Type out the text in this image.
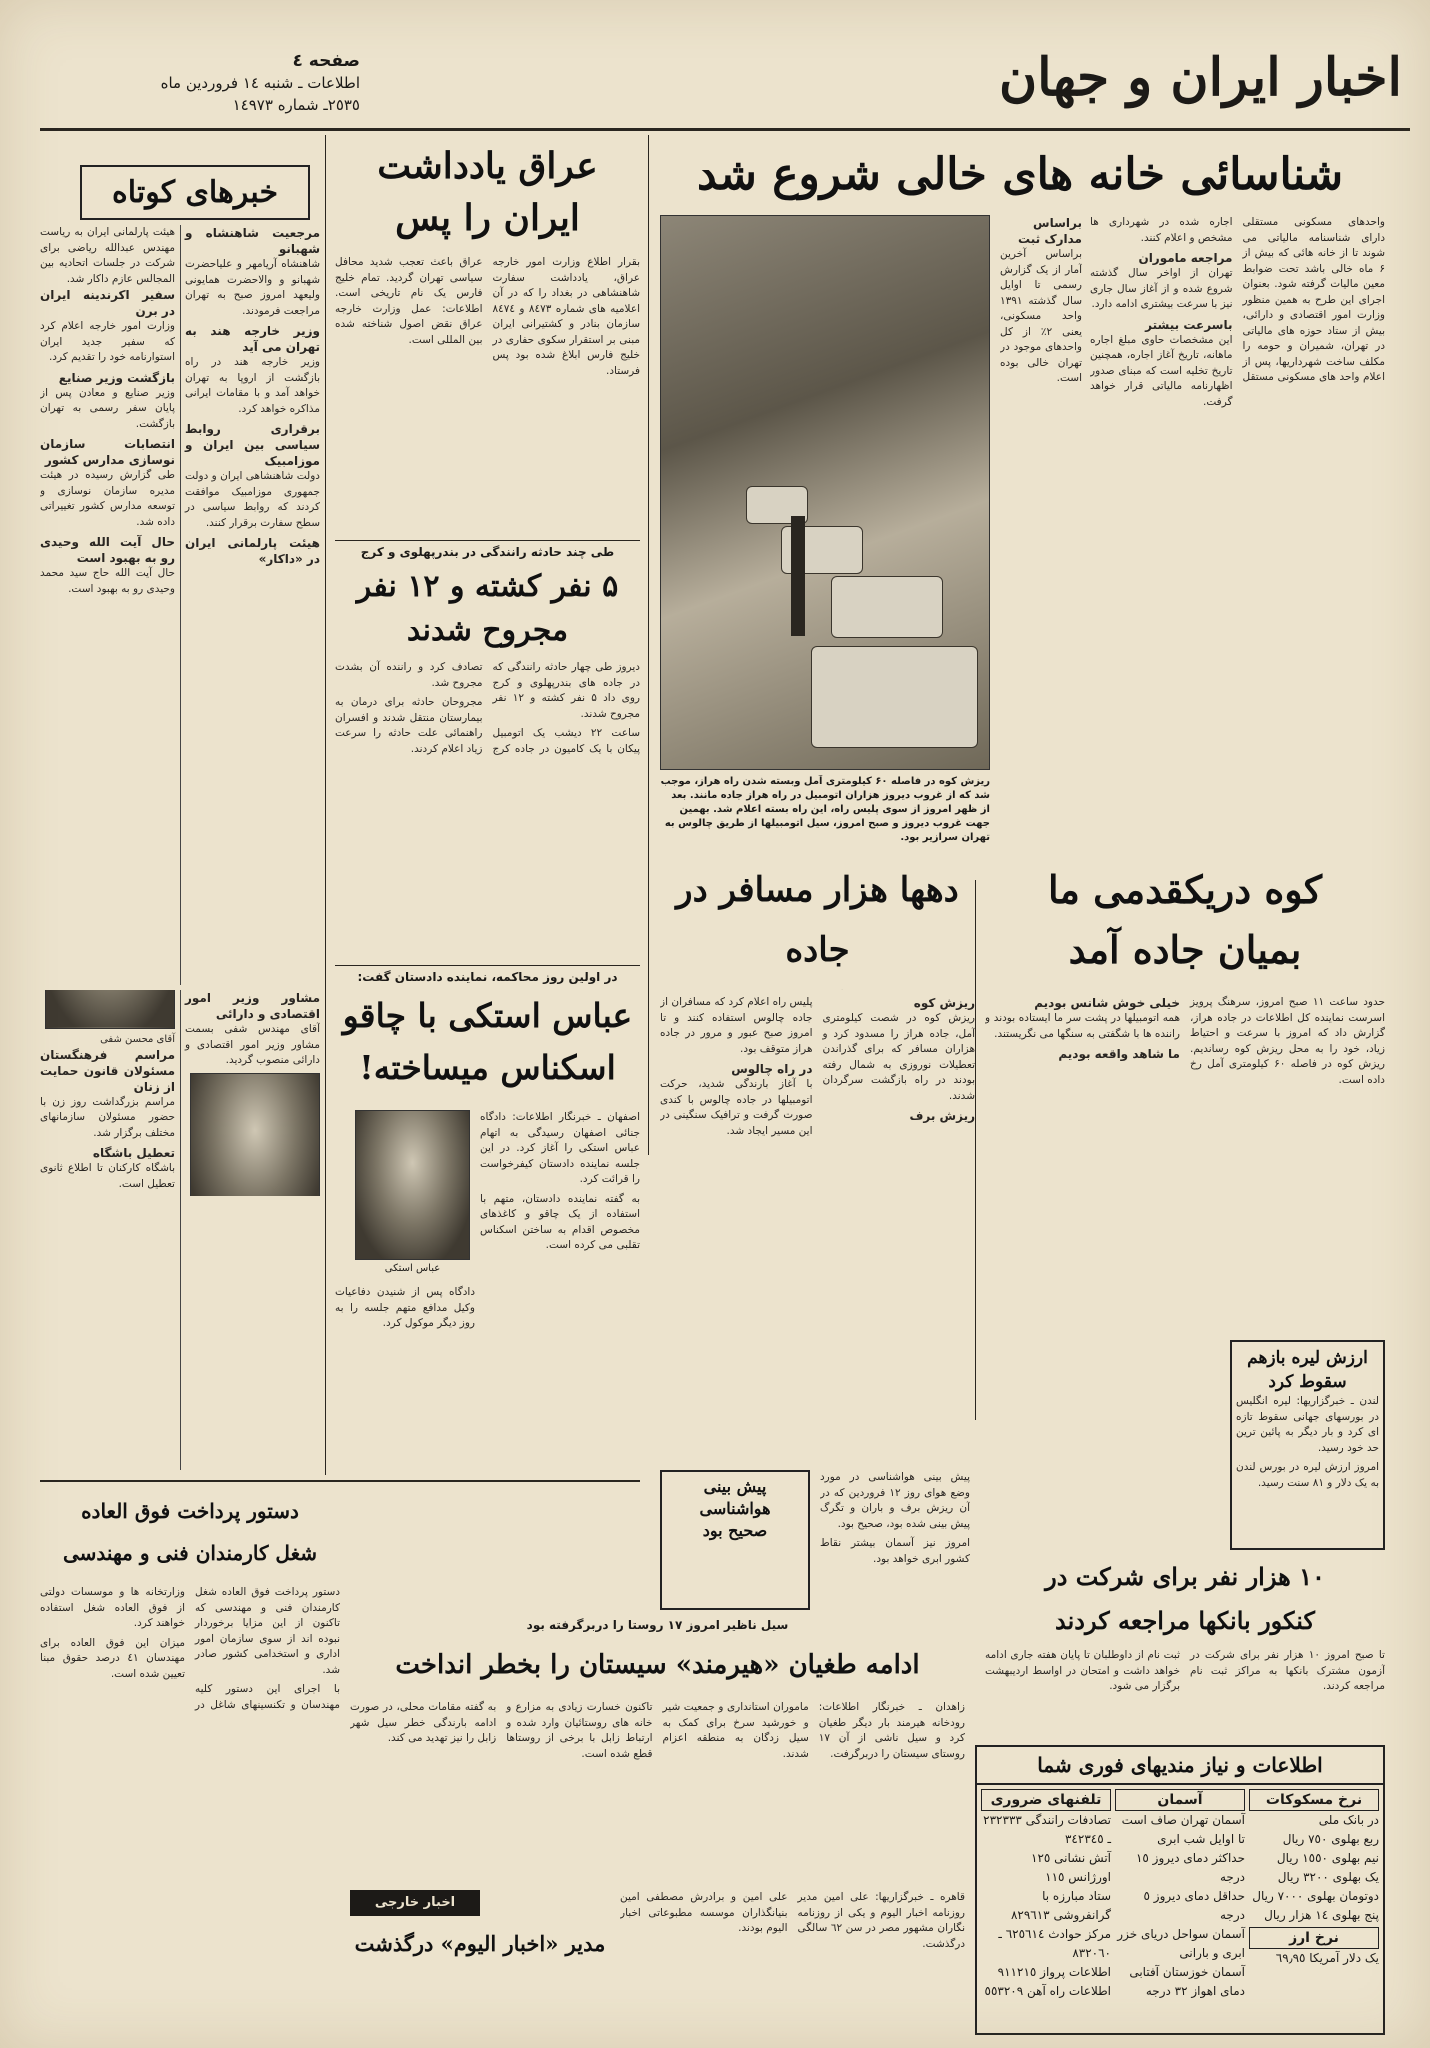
اخبار ایران و جهان
صفحه ٤
اطلاعات ـ شنبه ١٤ فروردین ماه
٢٥٣٥ـ شماره ١٤٩٧٣
خبرهای کوتاه
مرجعیت شاهنشاه و شهبانو

شاهنشاه آریامهر و علیاحضرت شهبانو و والاحضرت همایونی ولیعهد امروز صبح به تهران مراجعت فرمودند.

وزیر خارجه هند به تهران می آید

وزیر خارجه هند در راه بازگشت از اروپا به تهران خواهد آمد و با مقامات ایرانی مذاکره خواهد کرد.

برقراری روابط سیاسی بین ایران و موزامبیک

دولت شاهنشاهی ایران و دولت جمهوری موزامبیک موافقت کردند که روابط سیاسی در سطح سفارت برقرار کنند.

هیئت پارلمانی ایران در «داکار»

هیئت پارلمانی ایران به ریاست مهندس عبدالله ریاضی برای شرکت در جلسات اتحادیه بین المجالس عازم داکار شد.

سفیر اکرندینه ایران در برن

وزارت امور خارجه اعلام کرد که سفیر جدید ایران استوارنامه خود را تقدیم کرد.

بازگشت وزیر صنایع

وزیر صنایع و معادن پس از پایان سفر رسمی به تهران بازگشت.

انتصابات سازمان نوسازی مدارس کشور

طی گزارش رسیده در هیئت مدیره سازمان نوسازی و توسعه مدارس کشور تغییراتی داده شد.

حال آیت الله وحیدی رو به بهبود است

حال آیت الله حاج سید محمد وحیدی رو به بهبود است.

مشاور وزیر امور اقتصادی و دارائی

آقای مهندس شفی بسمت مشاور وزیر امور اقتصادی و دارائی منصوب گردید.

آقای محسن شفی
مراسم فرهنگستان مسئولان قانون حمایت از زنان

مراسم بزرگداشت روز زن با حضور مسئولان سازمانهای مختلف برگزار شد.

تعطیل باشگاه

باشگاه کارکنان تا اطلاع ثانوی تعطیل است.

عراق یادداشت
ایران را پس

بقرار اطلاع وزارت امور خارجه عراق، یادداشت سفارت شاهنشاهی در بغداد را که در آن اعلامیه های شماره ٨٤٧٣ و ٨٤٧٤ سازمان بنادر و کشتیرانی ایران مبنی بر استقرار سکوی حفاری در خلیج فارس ابلاغ شده بود پس فرستاد.

عراق باعث تعجب شدید محافل سیاسی تهران گردید. تمام خلیج فارس یک نام تاریخی است. اطلاعات: عمل وزارت خارجه عراق نقض اصول شناخته شده بین المللی است.

طی چند حادثه رانندگی در بندرپهلوی و کرج
۵ نفر کشته و ١٢ نفر
مجروح شدند

دیروز طی چهار حادثه رانندگی که در جاده های بندرپهلوی و کرج روی داد ۵ نفر کشته و ١٢ نفر مجروح شدند.

ساعت ٢٢ دیشب یک اتومبیل پیکان با یک کامیون در جاده کرج تصادف کرد و راننده آن بشدت مجروح شد.

مجروحان حادثه برای درمان به بیمارستان منتقل شدند و افسران راهنمائی علت حادثه را سرعت زیاد اعلام کردند.

در اولین روز محاکمه، نماینده دادستان گفت:
عباس استکی با چاقو
اسکناس میساخته!
عباس استکی

اصفهان ـ خبرنگار اطلاعات: دادگاه جنائی اصفهان رسیدگی به اتهام عباس استکی را آغاز کرد. در این جلسه نماینده دادستان کیفرخواست را قرائت کرد.

به گفته نماینده دادستان، متهم با استفاده از یک چاقو و کاغذهای مخصوص اقدام به ساختن اسکناس تقلبی می کرده است.

دادگاه پس از شنیدن دفاعیات وکیل مدافع متهم جلسه را به روز دیگر موکول کرد.

شناسائی خانه های خالی شروع شد

واحدهای مسکونی مستقلی دارای شناسنامه مالیاتی می شوند تا از خانه هائی که بیش از ۶ ماه خالی باشد تحت ضوابط معین مالیات گرفته شود. بعنوان اجرای این طرح به همین منظور وزارت امور اقتصادی و دارائی، بیش از ستاد حوزه های مالیاتی در تهران، شمیران و حومه را مکلف ساخت شهرداریها، پس از اعلام واحد های مسکونی مستقل اجاره شده در شهرداری ها مشخص و اعلام کنند.

مراجعه ماموران

تهران از اواخر سال گذشته شروع شده و از آغاز سال جاری نیز با سرعت بیشتری ادامه دارد.

باسرعت بیشتر

این مشخصات حاوی مبلغ اجاره ماهانه، تاریخ آغاز اجاره، همچنین تاریخ تخلیه است که مبنای صدور اظهارنامه مالیاتی قرار خواهد گرفت.

براساس مدارک ثبت

براساس آخرین آمار از یک گزارش رسمی تا اوایل سال گذشته ١٣٩١ واحد مسکونی، یعنی ٢٪ از کل واحدهای موجود در تهران خالی بوده است.

ریزش کوه در فاصله ۶٠ کیلومتری آمل وبسته شدن راه هراز، موجب شد که از غروب دیروز هزاران اتومبیل در راه هراز جاده مانند. بعد از ظهر امروز از سوی پلیس راه، این راه بسته اعلام شد. بهمین جهت غروب دیروز و صبح امروز، سیل اتومبیلها از طریق چالوس به تهران سرازیر بود.
کوه دریکقدمی ما
بمیان جاده آمد

حدود ساعت ١١ صبح امروز، سرهنگ پرویز اسرست نماینده کل اطلاعات در جاده هراز، گزارش داد که امروز با سرعت و احتیاط زیاد، خود را به محل ریزش کوه رساندیم. ریزش کوه در فاصله ۶٠ کیلومتری آمل رخ داده است.

خیلی خوش شانس بودیم

همه اتومبیلها در پشت سر ما ایستاده بودند و راننده ها با شگفتی به سنگها می نگریستند.

ما شاهد واقعه بودیم
ارزش لیره بازهم
سقوط کرد

لندن ـ خبرگزاریها: لیره انگلیس در بورسهای جهانی سقوط تازه ای کرد و بار دیگر به پائین ترین حد خود رسید.

امروز ارزش لیره در بورس لندن به یک دلار و ٨١ سنت رسید.

دهها هزار مسافر در جاده
ریزش کوه

ریزش کوه در شصت کیلومتری آمل، جاده هراز را مسدود کرد و هزاران مسافر که برای گذراندن تعطیلات نوروزی به شمال رفته بودند در راه بازگشت سرگردان شدند.

ریزش برف

پلیس راه اعلام کرد که مسافران از جاده چالوس استفاده کنند و تا امروز صبح عبور و مرور در جاده هراز متوقف بود.

در راه چالوس

با آغاز بارندگی شدید، حرکت اتومبیلها در جاده چالوس با کندی صورت گرفت و ترافیک سنگینی در این مسیر ایجاد شد.

پیش بینی
هواشناسی
صحیح بود

پیش بینی هواشناسی در مورد وضع هوای روز ١٢ فروردین که در آن ریزش برف و باران و تگرگ پیش بینی شده بود، صحیح بود.

امروز نیز آسمان بیشتر نقاط کشور ابری خواهد بود.

١٠ هزار نفر برای شرکت در
کنکور بانکها مراجعه کردند

تا صبح امروز ١٠ هزار نفر برای شرکت در آزمون مشترک بانکها به مراکز ثبت نام مراجعه کردند.

ثبت نام از داوطلبان تا پایان هفته جاری ادامه خواهد داشت و امتحان در اواسط اردیبهشت برگزار می شود.

اطلاعات و نیاز مندیهای فوری شما
نرخ مسکوکات
در بانک ملی
ربع بهلوی ٧٥٠ ریال
نیم بهلوی ١٥٥٠ ریال
یک بهلوی ٣٢٠٠ ریال
دوتومان بهلوی ٧٠٠٠ ریال
پنج بهلوی ١٤ هزار ریال
نرخ ارز
یک دلار آمریکا ٦٩٫٩٥
آسمان
آسمان تهران صاف است
تا اوایل شب ابری
حداکثر دمای دیروز ١٥ درجه
حداقل دمای دیروز ٥ درجه
آسمان سواحل دریای خزر ابری و بارانی
آسمان خوزستان آفتابی
دمای اهواز ٣٢ درجه
تلفنهای ضروری
تصادفات رانندگی ٢٣٢٣٣٣ ـ ٣٤٢٣٤٥
آتش نشانی ١٢٥
اورژانس ١١٥
ستاد مبارزه با گرانفروشی ٨٢٩٦١٣
مرکز حوادث ٦٢٥٦١٤ ـ ٨٣٢٠٦٠
اطلاعات پرواز ٩١١٢١٥
اطلاعات راه آهن ٥٥٣٢٠٩
دستور پرداخت فوق العاده
شغل کارمندان فنی و مهندسی

دستور پرداخت فوق العاده شغل کارمندان فنی و مهندسی که تاکنون از این مزایا برخوردار نبوده اند از سوی سازمان امور اداری و استخدامی کشور صادر شد.

با اجرای این دستور کلیه مهندسان و تکنسینهای شاغل در وزارتخانه ها و موسسات دولتی از فوق العاده شغل استفاده خواهند کرد.

میزان این فوق العاده برای مهندسان ٤١ درصد حقوق مبنا تعیین شده است.

سیل ناظیر امروز ١٧ روستا را دربرگرفته بود
ادامه طغیان «هیرمند» سیستان را بخطر انداخت

زاهدان ـ خبرنگار اطلاعات: رودخانه هیرمند بار دیگر طغیان کرد و سیل ناشی از آن ١٧ روستای سیستان را دربرگرفت.

ماموران استانداری و جمعیت شیر و خورشید سرخ برای کمک به سیل زدگان به منطقه اعزام شدند.

تاکنون خسارت زیادی به مزارع و خانه های روستائیان وارد شده و ارتباط زابل با برخی از روستاها قطع شده است.

به گفته مقامات محلی، در صورت ادامه بارندگی خطر سیل شهر زابل را نیز تهدید می کند.

اخبار خارجی
مدیر «اخبار الیوم» درگذشت

قاهره ـ خبرگزاریها: علی امین مدیر روزنامه اخبار الیوم و یکی از روزنامه نگاران مشهور مصر در سن ٦٢ سالگی درگذشت.

علی امین و برادرش مصطفی امین بنیانگذاران موسسه مطبوعاتی اخبار الیوم بودند.
